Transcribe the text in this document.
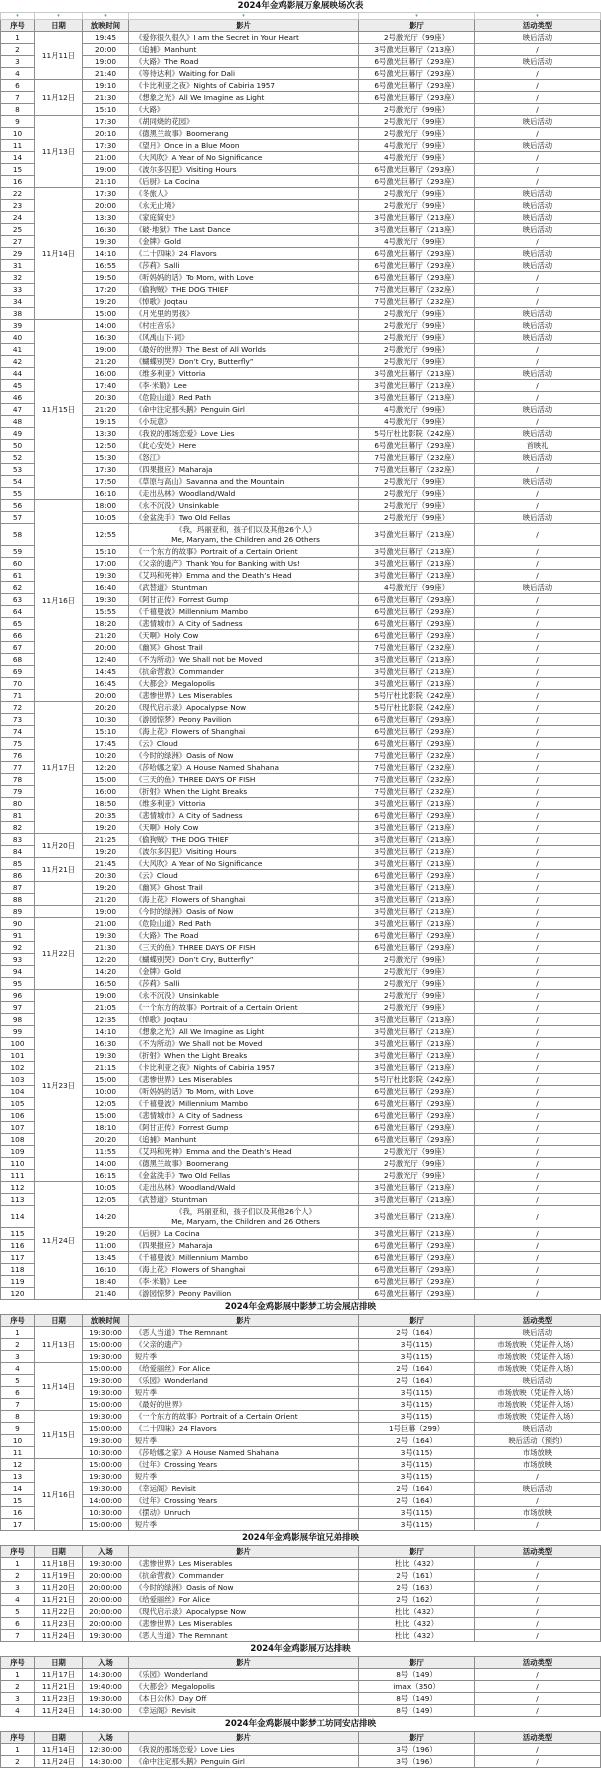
2024年金鸡影展万象展映场次表					
▾	▾	▾	▾	▾	▾
序号	日期	放映时间	影片	影厅	活动类型
1	11月11日	19:45	《爱你很久很久》I am the Secret in Your Heart	2号激光厅（99座）	映后活动
2		20:00	《追捕》Manhunt	3号激光巨幕厅（213座）	/
3		19:00	《大路》The Road	6号激光巨幕厅（293座）	映后活动
4		21:40	《等待达利》Waiting for Dali	6号激光巨幕厅（293座）	/
6	11月12日	19:10	《卡比利亚之夜》Nights of Cabiria 1957	6号激光巨幕厅（293座）	/
7		21:30	《想象之光》All We Imagine as Light	6号激光巨幕厅（293座）	/
8		15:10	《大路》	2号激光厅（99座）	/
9	11月13日	17:30	《胡同烧的花园》	2号激光厅（99座）	映后活动
10		20:10	《德黑兰故事》Boomerang	2号激光厅（99座）	/
11		17:30	《望月》Once in a Blue Moon	4号激光厅（99座）	映后活动
14		21:00	《大风吹》A Year of No Significance	4号激光厅（99座）	/
15		19:00	《波尔多囚犯》Visiting Hours	6号激光巨幕厅（293座）	/
16		21:10	《后厨》La Cocina	6号激光巨幕厅（293座）	/
22	11月14日	17:30	《冬旅人》	2号激光厅（99座）	映后活动
23		20:00	《永无止境》	2号激光厅（99座）	映后活动
24		13:30	《家庭简史》	3号激光巨幕厅（213座）	映后活动
25		16:30	《破·地狱》The Last Dance	3号激光巨幕厅（213座）	映后活动
27		19:30	《金牌》Gold	4号激光厅（99座）	/
29		14:10	《二十四味》24 Flavors	6号激光巨幕厅（293座）	映后活动
31		16:55	《莎莉》Salli	6号激光巨幕厅（293座）	映后活动
32		19:50	《听妈妈的话》To Mom, with Love	6号激光巨幕厅（293座）	/
33		17:20	《偷狗贼》THE DOG THIEF	7号激光巨幕厅（232座）	/
34		19:20	《悼歌》Joqtau	7号激光巨幕厅（232座）	/
38		15:00	《月光里的男孩》	2号激光厅（99座）	映后活动
39	11月15日	14:00	《村庄音乐》	2号激光厅（99座）	映后活动
40		16:30	《风禹山下·词》	2号激光厅（99座）	映后活动
41		19:00	《最好的世界》The Best of All Worlds	2号激光厅（99座）	/
42		21:20	《蝴蝶别哭》Don’t Cry, Butterfly”	2号激光厅（99座）	/
44		16:00	《维多利亚》Vittoria	3号激光巨幕厅（213座）	映后活动
45		17:40	《李·米勒》Lee	3号激光巨幕厅（213座）	/
46		20:30	《危险山道》Red Path	3号激光巨幕厅（213座）	/
47		21:20	《命中注定那头鹅》Penguin Girl	4号激光厅（99座）	映后活动
48		19:15	《小玩意》	4号激光厅（99座）	/
49		13:30	《我说的那场恋爱》Love Lies	5号厅杜比影院（242座）	映后活动
50		12:50	《此心安处》Here	6号激光巨幕厅（293座）	首映礼
52		15:30	《怒江》	7号激光巨幕厅（232座）	映后活动
53		17:30	《四果报应》Maharaja	7号激光巨幕厅（232座）	/
54		17:50	《草原与高山》Savanna and the Mountain	2号激光厅（99座）	映后活动
55		16:10	《走出丛林》Woodland/Wald	2号激光厅（99座）	/
56	11月16日	18:00	《永不沉没》Unsinkable	2号激光厅（99座）	/
57		10:05	《金盆洗手》Two Old Fellas	2号激光厅（99座）	映后活动
58		12:55	《我，玛丽亚和，孩子们以及其他26个人》
Me, Maryam, the Children and 26 Others	3号激光巨幕厅（213座）	/
59		15:10	《一个东方的故事》Portrait of a Certain Orient	3号激光巨幕厅（213座）	/
60		17:00	《父亲的遗产》Thank You for Banking with Us!	3号激光巨幕厅（213座）	/
61		19:30	《艾玛和死神》Emma and the Death’s Head	3号激光巨幕厅（213座）	/
62		16:40	《武替道》Stuntman	4号激光厅（99座）	映后活动
63		19:30	《阿甘正传》Forrest Gump	6号激光巨幕厅（293座）	/
64		15:55	《千禧曼波》Millennium Mambo	6号激光巨幕厅（293座）	/
65		18:20	《悲情城市》A City of Sadness	6号激光巨幕厅（293座）	/
66		21:20	《天啊》Holy Cow	6号激光巨幕厅（293座）	/
67		20:00	《幽冥》Ghost Trail	7号激光巨幕厅（232座）	/
68		12:40	《不为所动》We Shall not be Moved	3号激光巨幕厅（213座）	/
69		14:45	《抗命营救》Commander	3号激光巨幕厅（213座）	/
70		16:45	《大都会》Megalopolis	3号激光巨幕厅（213座）	/
71		20:00	《悲惨世界》Les Miserables	5号厅杜比影院（242座）	/
72	11月17日	20:20	《现代启示录》Apocalypse Now	5号厅杜比影院（242座）	/
73		10:30	《游园惊梦》Peony Pavilion	6号激光巨幕厅（293座）	/
74		15:10	《海上花》Flowers of Shanghai	6号激光巨幕厅（293座）	/
75		17:45	《云》Cloud	6号激光巨幕厅（293座）	/
76		10:20	《今时的绿洲》Oasis of Now	7号激光巨幕厅（232座）	/
77		12:20	《莎哈娜之家》A House Named Shahana	7号激光巨幕厅（232座）	/
78		15:00	《三天的鱼》THREE DAYS OF FISH	7号激光巨幕厅（232座）	/
79		16:00	《折射》When the Light Breaks	7号激光巨幕厅（232座）	/
80		18:50	《维多利亚》Vittoria	3号激光巨幕厅（213座）	/
81		20:35	《悲情城市》A City of Sadness	6号激光巨幕厅（293座）	/
82		19:20	《天啊》Holy Cow	3号激光巨幕厅（213座）	/
83	11月20日	21:25	《偷狗贼》THE DOG THIEF	3号激光巨幕厅（213座）	/
84		19:20	《波尔多囚犯》Visiting Hours	3号激光巨幕厅（213座）	/
85	11月21日	21:45	《大风吹》A Year of No Significance	3号激光巨幕厅（213座）	/
86		20:30	《云》Cloud	6号激光巨幕厅（293座）	/
87		19:20	《幽冥》Ghost Trail	3号激光巨幕厅（213座）	/
88		21:20	《海上花》Flowers of Shanghai	3号激光巨幕厅（213座）	/
89		19:00	《今时的绿洲》Oasis of Now	3号激光巨幕厅（213座）	/
90	11月22日	21:00	《危险山道》Red Path	3号激光巨幕厅（213座）	/
91		19:30	《大路》The Road	6号激光巨幕厅（293座）	/
92		21:30	《三天的鱼》THREE DAYS OF FISH	6号激光巨幕厅（293座）	/
93		12:20	《蝴蝶别哭》Don’t Cry, Butterfly”	2号激光厅（99座）	/
94		14:20	《金牌》Gold	2号激光厅（99座）	/
95		16:50	《莎莉》Salli	2号激光厅（99座）	/
96	11月23日	19:00	《永不沉没》Unsinkable	2号激光厅（99座）	/
97		21:05	《一个东方的故事》Portrait of a Certain Orient	2号激光厅（99座）	/
98		12:35	《悼歌》Joqtau	3号激光巨幕厅（213座）	/
99		14:10	《想象之光》All We Imagine as Light	3号激光巨幕厅（213座）	/
100		16:30	《不为所动》We Shall not be Moved	3号激光巨幕厅（213座）	/
101		19:30	《折射》When the Light Breaks	3号激光巨幕厅（213座）	/
102		21:15	《卡比利亚之夜》Nights of Cabiria 1957	3号激光巨幕厅（213座）	/
103		15:00	《悲惨世界》Les Miserables	5号厅杜比影院（242座）	/
104		10:00	《听妈妈的话》To Mom, with Love	6号激光巨幕厅（293座）	/
105		12:05	《千禧曼波》Millennium Mambo	6号激光巨幕厅（293座）	/
106		15:00	《悲情城市》A City of Sadness	6号激光巨幕厅（293座）	/
107		18:10	《阿甘正传》Forrest Gump	6号激光巨幕厅（293座）	/
108		20:20	《追捕》Manhunt	6号激光巨幕厅（293座）	/
109		11:55	《艾玛和死神》Emma and the Death’s Head	2号激光厅（99座）	/
110		14:00	《德黑兰故事》Boomerang	2号激光厅（99座）	/
111		16:15	《金盆洗手》Two Old Fellas	2号激光厅（99座）	/
112	11月24日	10:05	《走出丛林》Woodland/Wald	3号激光巨幕厅（213座）	/
113		12:05	《武替道》Stuntman	3号激光巨幕厅（213座）	/
114		14:20	《我，玛丽亚和，孩子们以及其他26个人》
Me, Maryam, the Children and 26 Others	3号激光巨幕厅（213座）	/
115		19:20	《后厨》La Cocina	3号激光巨幕厅（213座）	/
116		11:00	《四果报应》Maharaja	6号激光巨幕厅（293座）	/
117		13:45	《千禧曼波》Millennium Mambo	6号激光巨幕厅（293座）	/
118		16:10	《海上花》Flowers of Shanghai	6号激光巨幕厅（293座）	/
119		18:40	《李·米勒》Lee	6号激光巨幕厅（293座）	/
120		21:40	《游园惊梦》Peony Pavilion	6号激光巨幕厅（293座）	/
2024年金鸡影展中影梦工坊会展店排映					
序号	日期	放映时间	影片	影厅	活动类型
1	11月13日	19:30:00	《恶人当道》The Remnant	2号（164）	映后活动
2		15:00:00	《父亲的遗产》	3号(115)	市场放映（凭证件入场）
3		19:30:00	短片季	3号(115)	市场放映（凭证件入场）
4	11月14日	15:00:00	《给爱丽丝》For Alice	2号（164）	市场放映（凭证件入场）
5		19:30:00	《乐园》Wonderland	2号（164）	映后活动
6		19:30:00	短片季	3号(115)	市场放映（凭证件入场）
7		15:00:00	《最好的世界》	3号(115)	市场放映（凭证件入场）
8	11月15日	19:30:00	《一个东方的故事》Portrait of a Certain Orient	3号(115)	市场放映（凭证件入场）
9		15:00:00	《二十四味》24 Flavors	1号巨幕（299）	映后活动
10		19:30:00	短片季	2号（164）	映后活动（预约）
11		10:30:00	《莎哈娜之家》A House Named Shahana	3号(115)	市场放映
12	11月16日	15:00:00	《过年》Crossing Years	3号(115)	市场放映
13		19:30:00	短片季	3号(115)	/
14		19:30:00	《幸运阁》Revisit	2号（164）	映后活动
15		14:00:00	《过年》Crossing Years	2号（164）	/
16		10:30:00	《摆动》Unruch	3号(115)	市场放映
17		15:00:00	短片季	3号(115)	/
2024年金鸡影展华谊兄弟排映					
序号	日期	入场	影片	影厅	活动类型
1	11月18日	19:30:00	《悲惨世界》Les Miserables	杜比（432）	/
2	11月19日	20:00:00	《抗命营救》Commander	2号（161）	/
3	11月20日	20:00:00	《今时的绿洲》Oasis of Now	2号（163）	/
4	11月21日	20:00:00	《给爱丽丝》For Alice	2号（162）	/
5	11月22日	20:00:00	《现代启示录》Apocalypse Now	杜比（432）	/
6	11月23日	20:00:00	《悲惨世界》Les Miserables	杜比（432）	/
7	11月24日	19:30:00	《恶人当道》The Remnant	杜比（432）	/
2024年金鸡影展万达排映					
序号	日期	入场	影片	影厅	活动类型
1	11月17日	14:30:00	《乐园》Wonderland	8号（149）	/
2	11月21日	19:40:00	《大都会》Megalopolis	imax（350）	/
3	11月23日	19:30:00	《本日公休》Day Off	8号（149）	/
4	11月24日	14:30:00	《幸运阁》Revisit	8号（149）	/
2024年金鸡影展中影梦工坊同安店排映					
序号	日期	入场	影片	影厅	活动类型
1	11月14日	12:30:00	《我说的那场恋爱》Love Lies	3号（196）	/
2	11月24日	14:30:00	《命中注定那头鹅》Penguin Girl	3号（196）	/
